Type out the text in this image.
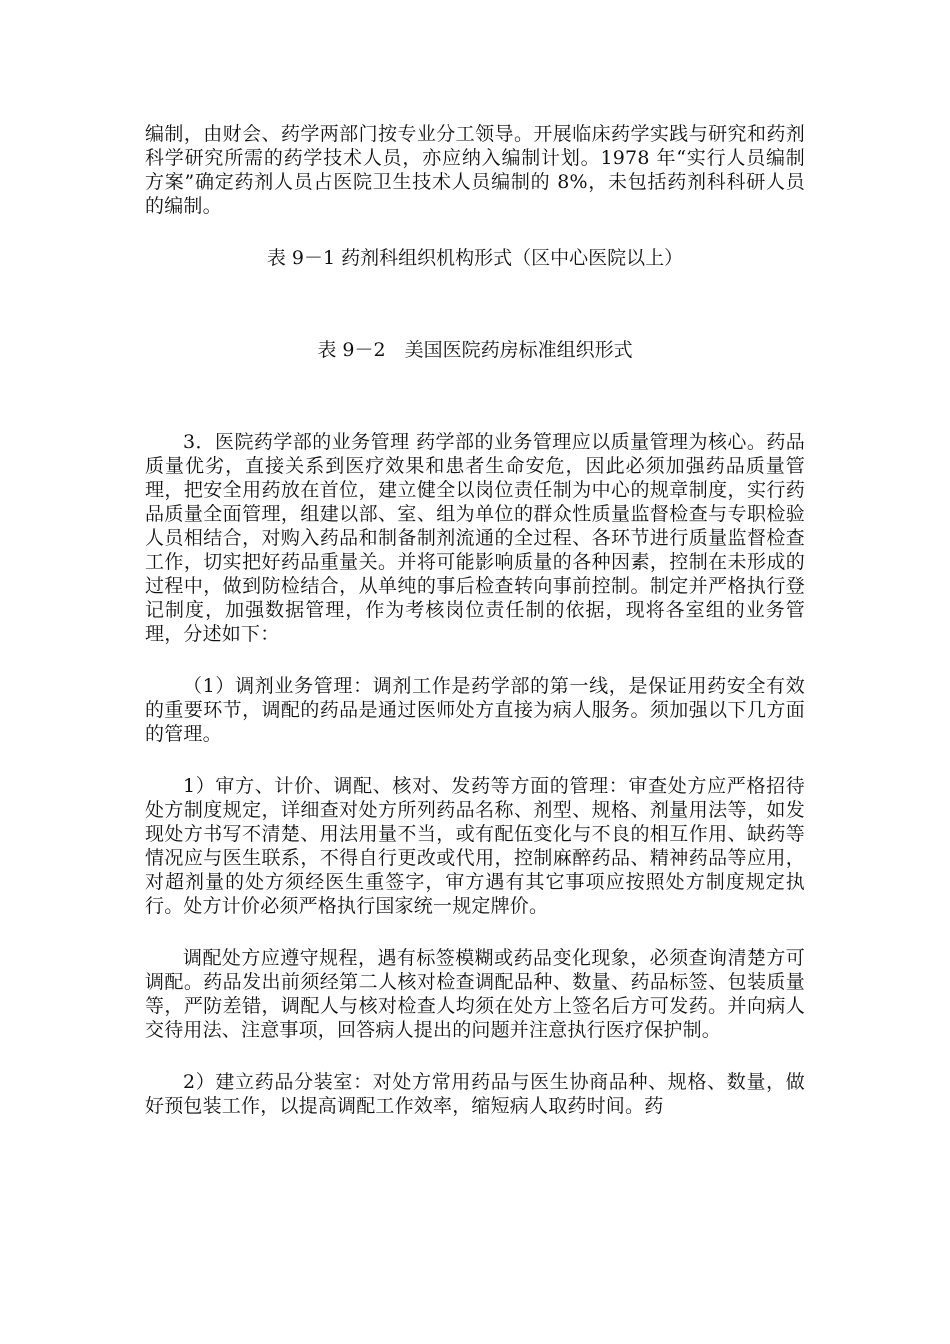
编制，由财会、药学两部门按专业分工领导。开展临床药学实践与研究和药剂科学研究所需的药学技术人员，亦应纳入编制计划。1978 年“实行人员编制方案”确定药剂人员占医院卫生技术人员编制的 8%，未包括药剂科科研人员的编制。

表 9－1 药剂科组织机构形式（区中心医院以上）

表 9－2　美国医院药房标准组织形式

3．医院药学部的业务管理 药学部的业务管理应以质量管理为核心。药品质量优劣，直接关系到医疗效果和患者生命安危，因此必须加强药品质量管理，把安全用药放在首位，建立健全以岗位责任制为中心的规章制度，实行药品质量全面管理，组建以部、室、组为单位的群众性质量监督检查与专职检验人员相结合，对购入药品和制备制剂流通的全过程、各环节进行质量监督检查工作，切实把好药品重量关。并将可能影响质量的各种因素，控制在未形成的过程中，做到防检结合，从单纯的事后检查转向事前控制。制定并严格执行登记制度，加强数据管理，作为考核岗位责任制的依据，现将各室组的业务管理，分述如下：

（1）调剂业务管理：调剂工作是药学部的第一线，是保证用药安全有效的重要环节，调配的药品是通过医师处方直接为病人服务。须加强以下几方面的管理。

1）审方、计价、调配、核对、发药等方面的管理：审查处方应严格招待处方制度规定，详细查对处方所列药品名称、剂型、规格、剂量用法等，如发现处方书写不清楚、用法用量不当，或有配伍变化与不良的相互作用、缺药等情况应与医生联系，不得自行更改或代用，控制麻醉药品、精神药品等应用，对超剂量的处方须经医生重签字，审方遇有其它事项应按照处方制度规定执行。处方计价必须严格执行国家统一规定牌价。

调配处方应遵守规程，遇有标签模糊或药品变化现象，必须查询清楚方可调配。药品发出前须经第二人核对检查调配品种、数量、药品标签、包装质量等，严防差错，调配人与核对检查人均须在处方上签名后方可发药。并向病人交待用法、注意事项，回答病人提出的问题并注意执行医疗保护制。

2）建立药品分装室：对处方常用药品与医生协商品种、规格、数量，做好预包装工作，以提高调配工作效率，缩短病人取药时间。药
